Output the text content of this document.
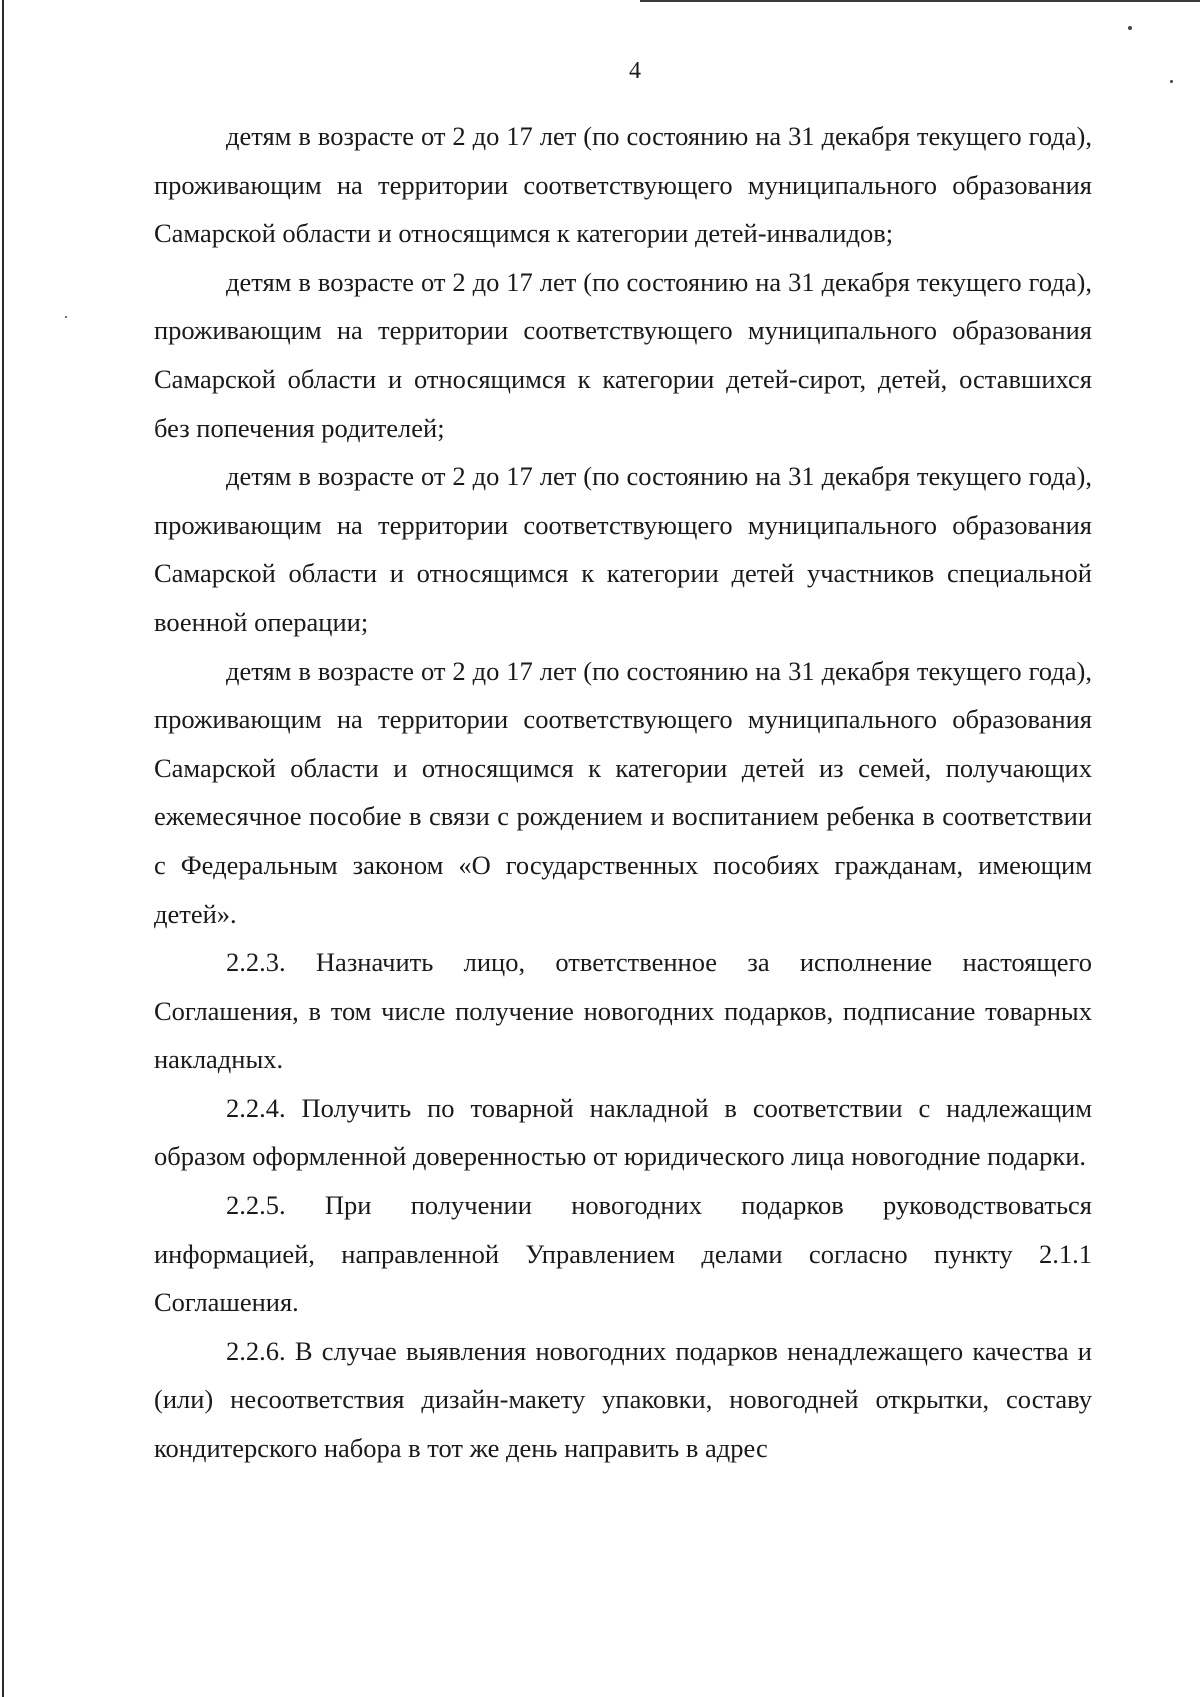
4

детям в возрасте от 2 до 17 лет (по состоянию на 31 декабря текущего года), проживающим на территории соответствующего муниципального образования Самарской области и относящимся к категории детей-инвалидов;

детям в возрасте от 2 до 17 лет (по состоянию на 31 декабря текущего года), проживающим на территории соответствующего муниципального образования Самарской области и относящимся к категории детей-сирот, детей, оставшихся без попечения родителей;

детям в возрасте от 2 до 17 лет (по состоянию на 31 декабря текущего года), проживающим на территории соответствующего муниципального образования Самарской области и относящимся к категории детей участников специальной военной операции;

детям в возрасте от 2 до 17 лет (по состоянию на 31 декабря текущего года), проживающим на территории соответствующего муниципального образования Самарской области и относящимся к категории детей из семей, получающих ежемесячное пособие в связи с рождением и воспитанием ребенка в соответствии с Федеральным законом «О государственных пособиях гражданам, имеющим детей».

2.2.3. Назначить лицо, ответственное за исполнение настоящего Соглашения, в том числе получение новогодних подарков, подписание товарных накладных.

2.2.4. Получить по товарной накладной в соответствии с надлежащим образом оформленной доверенностью от юридического лица новогодние подарки.

2.2.5. При получении новогодних подарков руководствоваться информацией, направленной Управлением делами согласно пункту 2.1.1 Соглашения.

2.2.6. В случае выявления новогодних подарков ненадлежащего качества и (или) несоответствия дизайн-макету упаковки, новогодней открытки, составу кондитерского набора в тот же день направить в адрес
